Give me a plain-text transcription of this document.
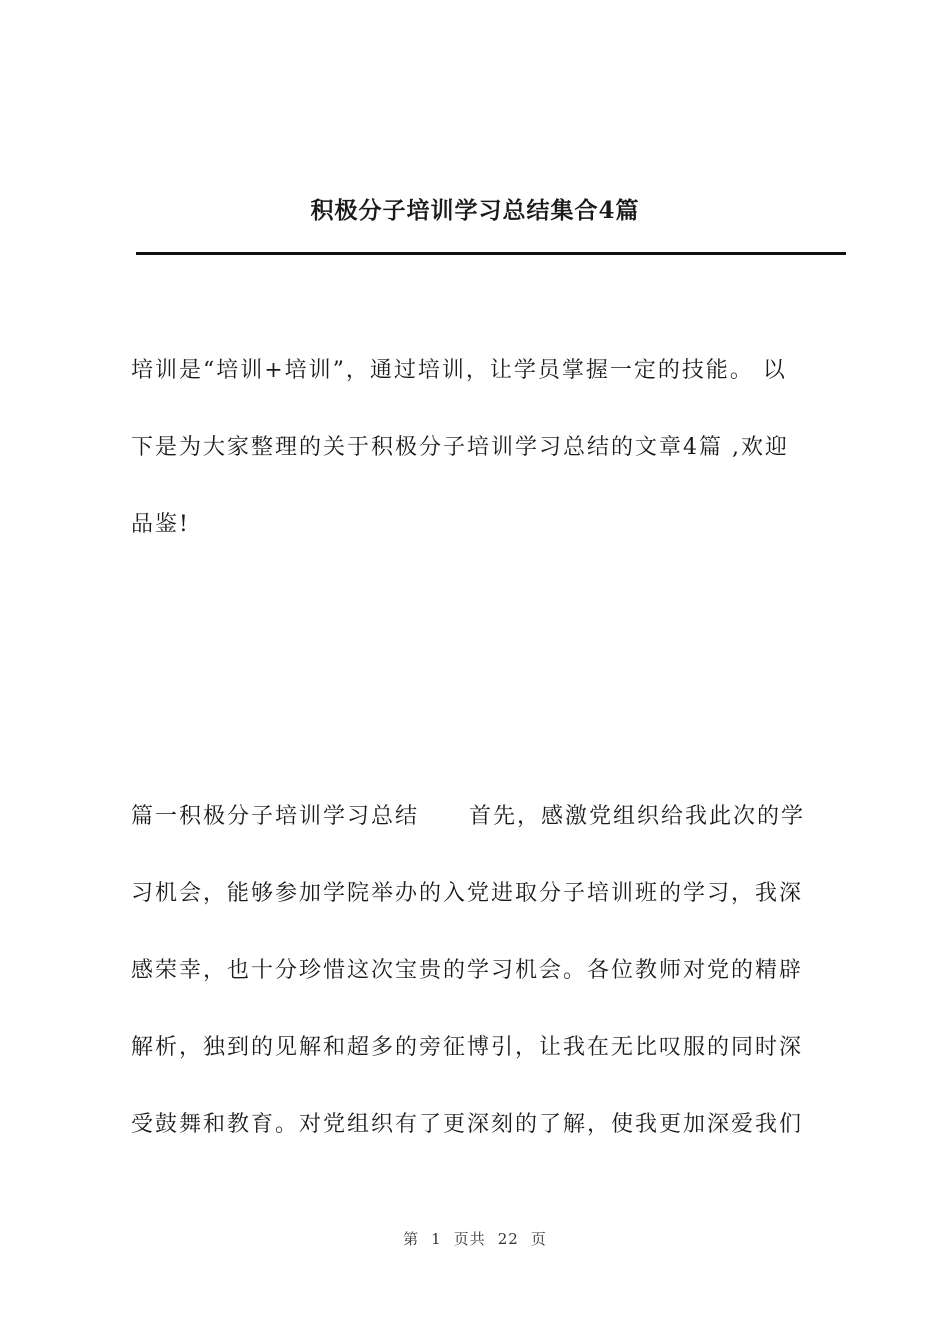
积极分子培训学习总结集合4篇

培训是“培训+培训”，通过培训，让学员掌握一定的技能。 以
下是为大家整理的关于积极分子培训学习总结的文章4篇 ,欢迎
品鉴!

篇一积极分子培训学习总结 首先，感激党组织给我此次的学
习机会，能够参加学院举办的入党进取分子培训班的学习，我深
感荣幸，也十分珍惜这次宝贵的学习机会。各位教师对党的精辟
解析，独到的见解和超多的旁征博引，让我在无比叹服的同时深
受鼓舞和教育。对党组织有了更深刻的了解，使我更加深爱我们

第 1 页共 22 页
